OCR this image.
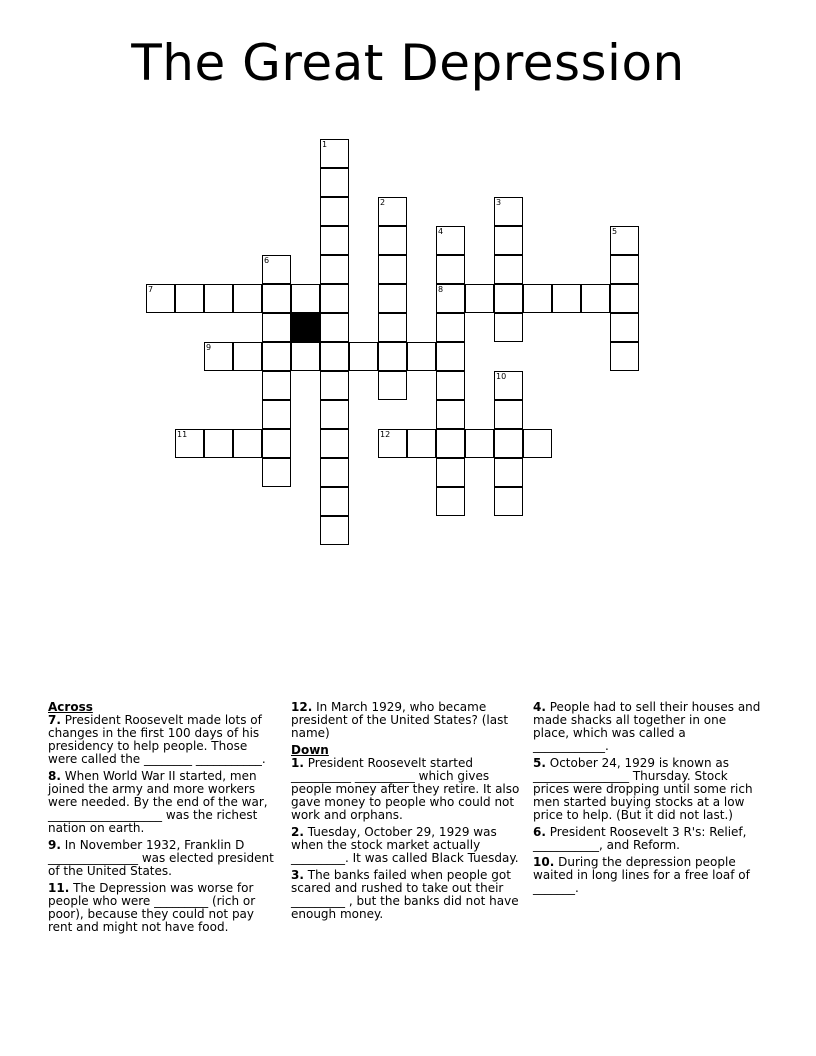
The Great Depression
1
2	3
4
8
5
6
7
9
10
11	12
Across

7. President Roosevelt made lots of changes in the first 100 days of his presidency to help people. Those were called the ________ ___________.

8. When World War II started, men joined the army and more workers were needed. By the end of the war, ___________________ was the richest nation on earth.

9. In November 1932, Franklin D _______________ was elected president of the United States.

11. The Depression was worse for people who were _________ (rich or poor), because they could not pay rent and might not have food.

12. In March 1929, who became president of the United States? (last name)

Down

1. President Roosevelt started __________ __________ which gives people money after they retire. It also gave money to people who could not work and orphans.

2. Tuesday, October 29, 1929 was when the stock market actually _________. It was called Black Tuesday.

3. The banks failed when people got scared and rushed to take out their _________ , but the banks did not have enough money.

4. People had to sell their houses and made shacks all together in one place, which was called a ____________.

5. October 24, 1929 is known as ________________ Thursday. Stock prices were dropping until some rich men started buying stocks at a low price to help. (But it did not last.)

6. President Roosevelt 3 R's: Relief, ___________, and Reform.

10. During the depression people waited in long lines for a free loaf of _______.
